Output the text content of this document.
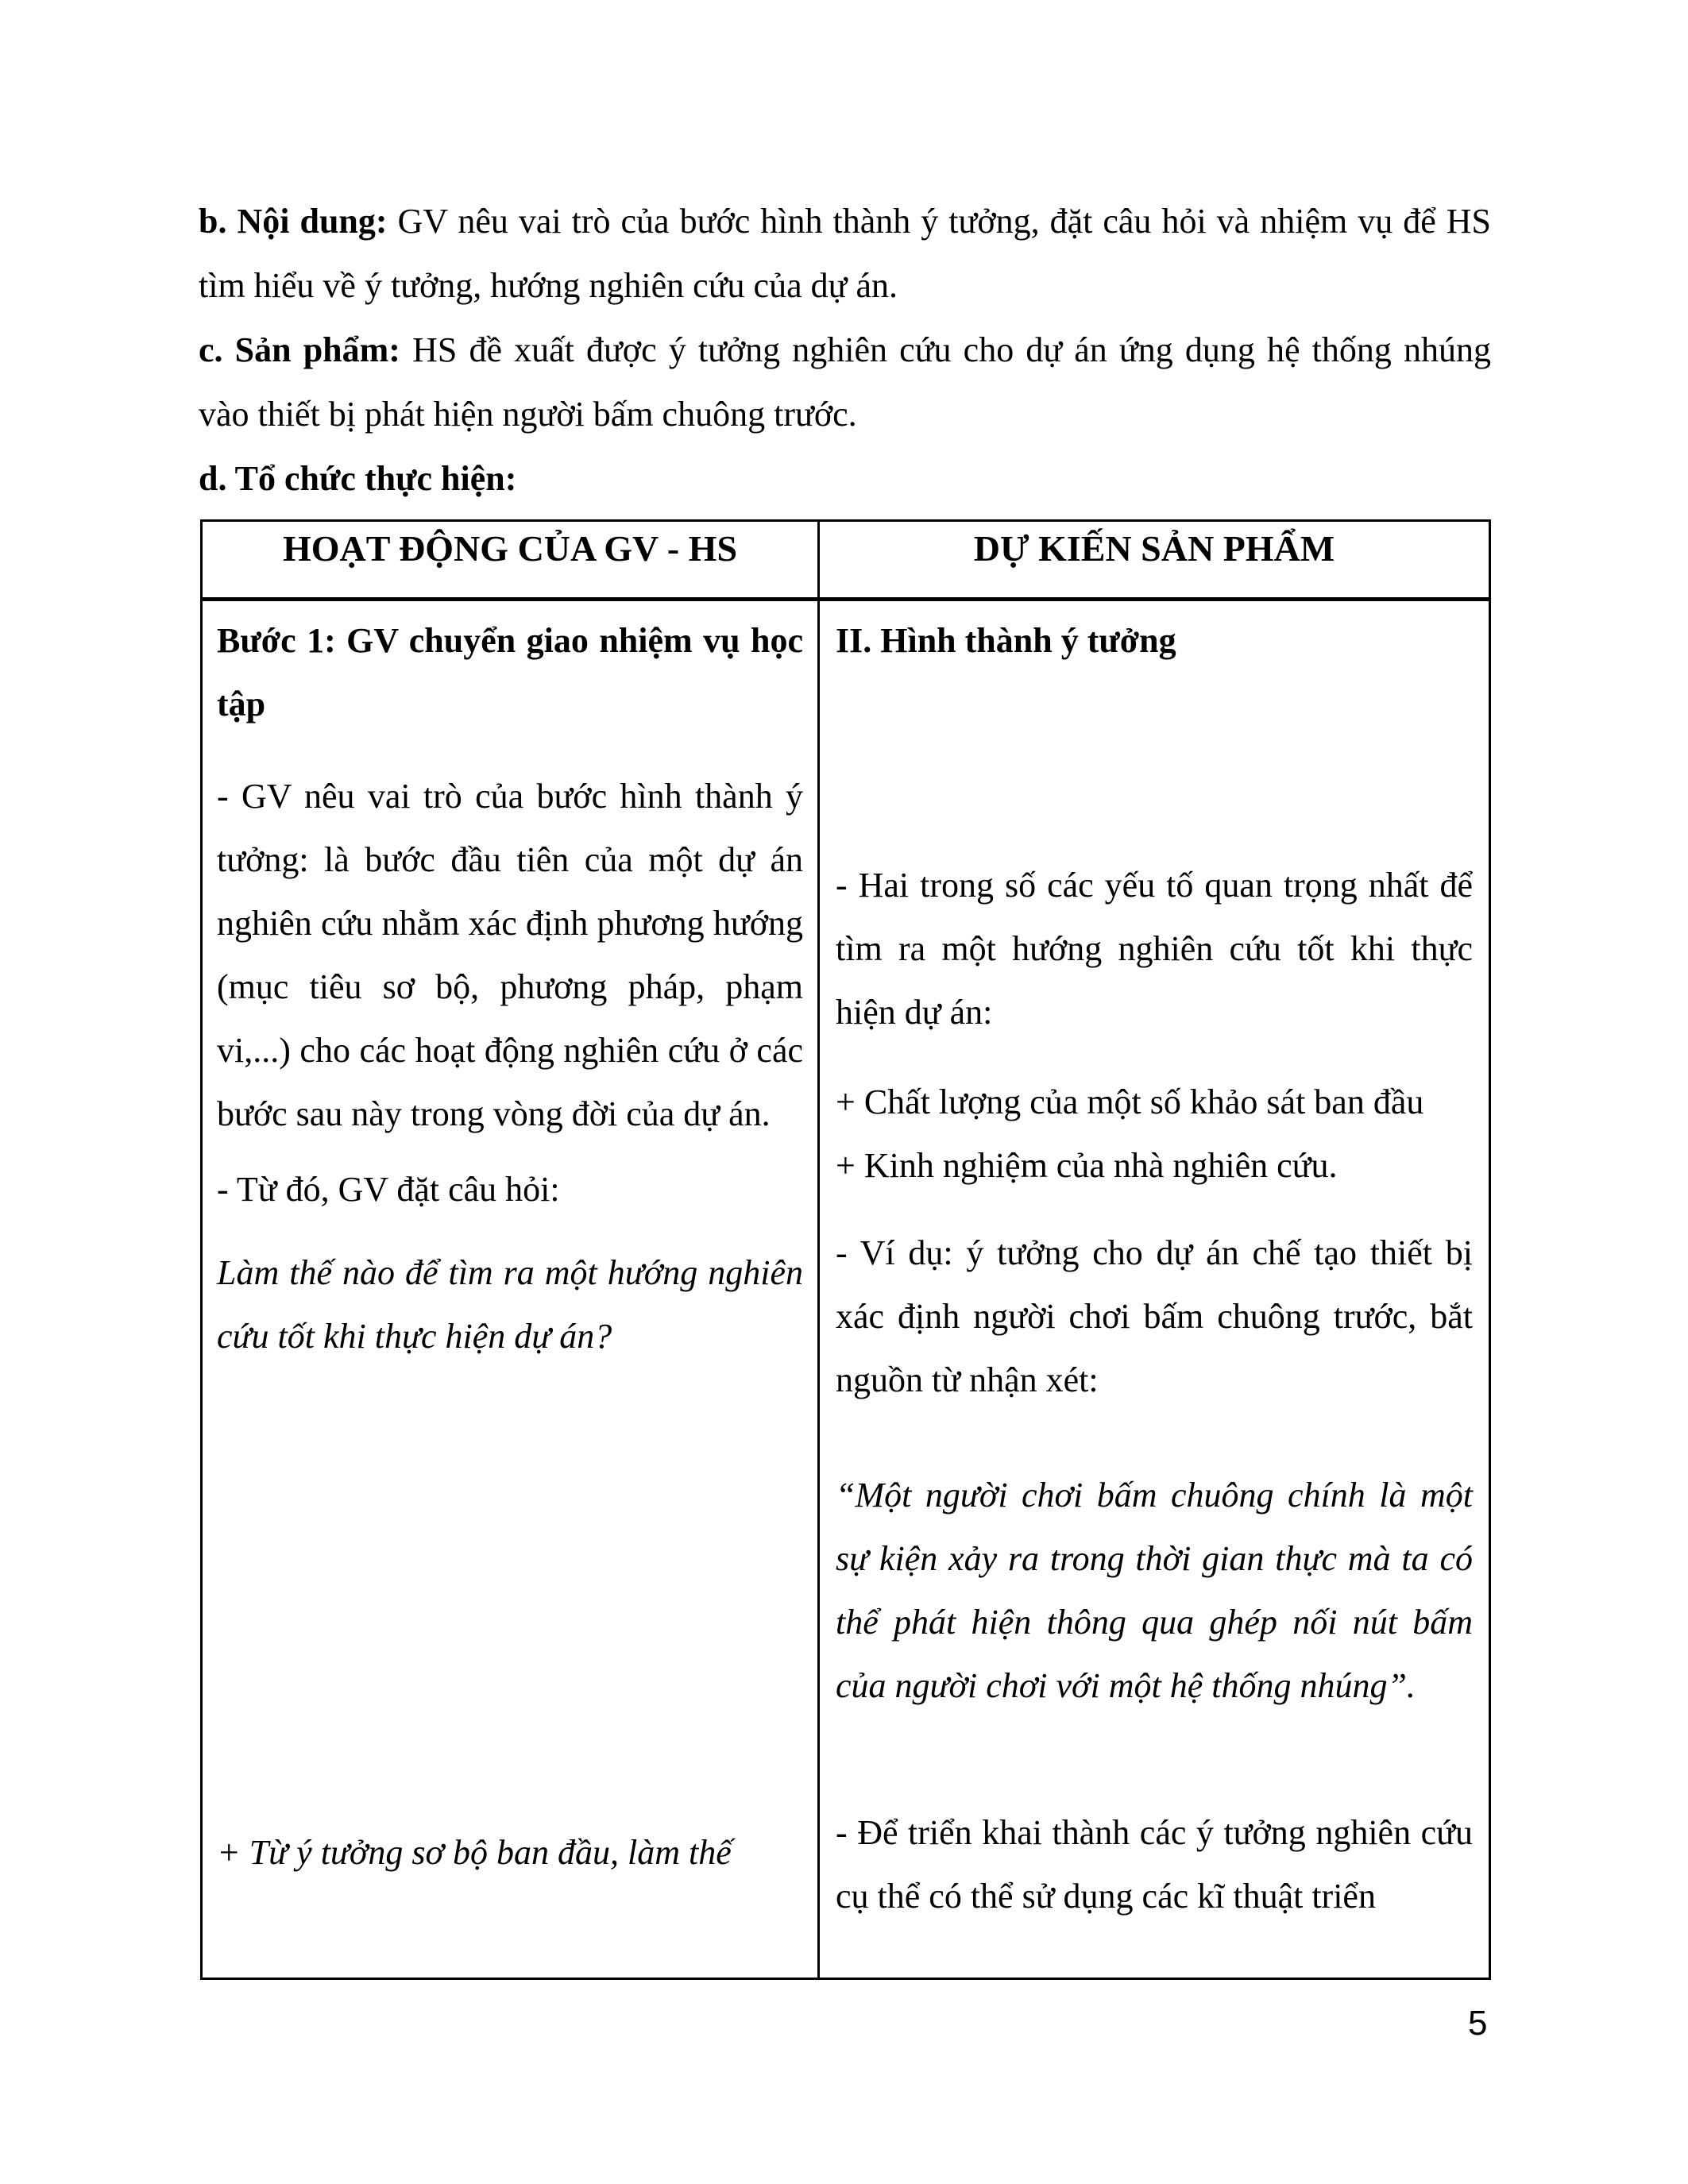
b. Nội dung: GV nêu vai trò của bước hình thành ý tưởng, đặt câu hỏi và nhiệm vụ để HS tìm hiểu về ý tưởng, hướng nghiên cứu của dự án.

c. Sản phẩm: HS đề xuất được ý tưởng nghiên cứu cho dự án ứng dụng hệ thống nhúng vào thiết bị phát hiện người bấm chuông trước.

d. Tổ chức thực hiện:

HOẠT ĐỘNG CỦA GV - HS	DỰ KIẾN SẢN PHẨM

Bước 1: GV chuyển giao nhiệm vụ học tập

- GV nêu vai trò của bước hình thành ý tưởng: là bước đầu tiên của một dự án nghiên cứu nhằm xác định phương hướng (mục tiêu sơ bộ, phương pháp, phạm vi,...) cho các hoạt động nghiên cứu ở các bước sau này trong vòng đời của dự án.

- Từ đó, GV đặt câu hỏi:

Làm thế nào để tìm ra một hướng nghiên cứu tốt khi thực hiện dự án?

+ Từ ý tưởng sơ bộ ban đầu, làm thế

II. Hình thành ý tưởng

- Hai trong số các yếu tố quan trọng nhất để tìm ra một hướng nghiên cứu tốt khi thực hiện dự án:

+ Chất lượng của một số khảo sát ban đầu

+ Kinh nghiệm của nhà nghiên cứu.

- Ví dụ: ý tưởng cho dự án chế tạo thiết bị xác định người chơi bấm chuông trước, bắt nguồn từ nhận xét:

“Một người chơi bấm chuông chính là một sự kiện xảy ra trong thời gian thực mà ta có thể phát hiện thông qua ghép nối nút bấm của người chơi với một hệ thống nhúng”.

- Để triển khai thành các ý tưởng nghiên cứu cụ thể có thể sử dụng các kĩ thuật triển

5
